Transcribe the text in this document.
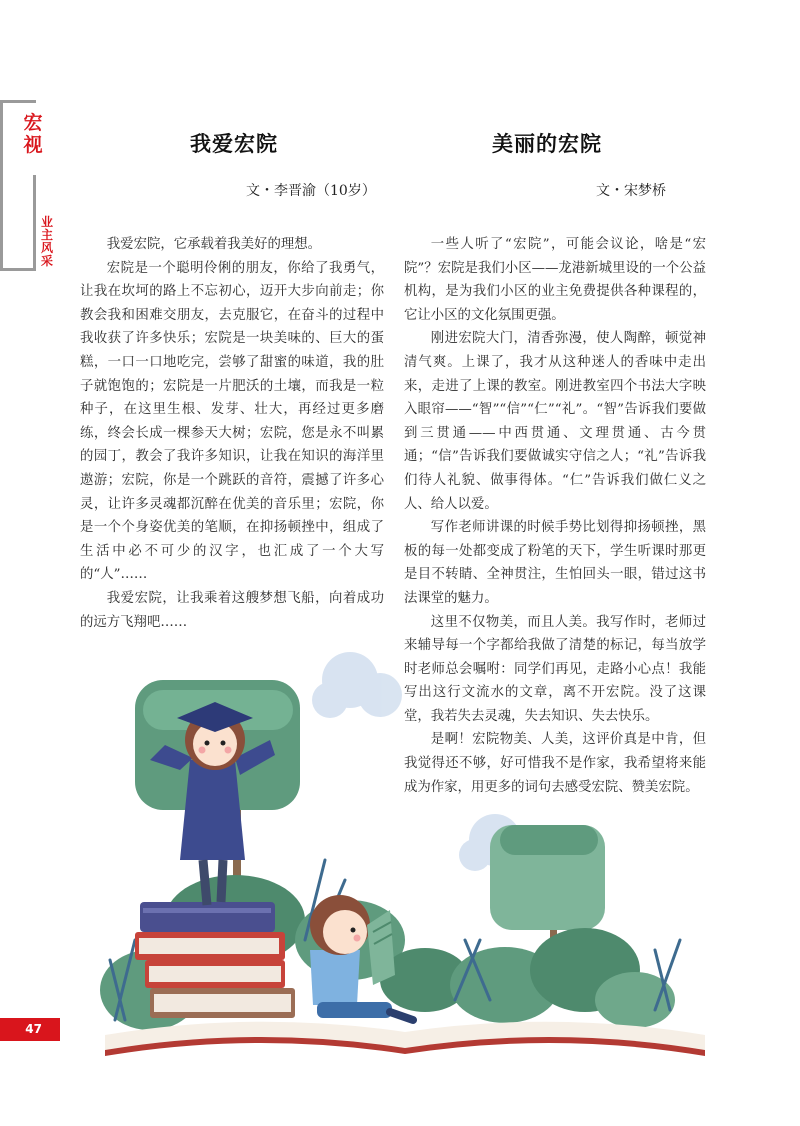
宏视
业主风采
我爱宏院
文・李晋渝（10岁）

我爱宏院，它承载着我美好的理想。

宏院是一个聪明伶俐的朋友，你给了我勇气，让我在坎坷的路上不忘初心，迈开大步向前走；你教会我和困难交朋友，去克服它，在奋斗的过程中我收获了许多快乐；宏院是一块美味的、巨大的蛋糕，一口一口地吃完，尝够了甜蜜的味道，我的肚子就饱饱的；宏院是一片肥沃的土壤，而我是一粒种子，在这里生根、发芽、壮大，再经过更多磨练，终会长成一棵参天大树；宏院，您是永不叫累的园丁，教会了我许多知识，让我在知识的海洋里遨游；宏院，你是一个跳跃的音符，震撼了许多心灵，让许多灵魂都沉醉在优美的音乐里；宏院，你是一个个身姿优美的笔顺，在抑扬顿挫中，组成了生活中必不可少的汉字，也汇成了一个大写的“人”……

我爱宏院，让我乘着这艘梦想飞船，向着成功的远方飞翔吧……

美丽的宏院
文・宋梦桥

一些人听了“宏院”，可能会议论，啥是“宏院”？宏院是我们小区——龙港新城里设的一个公益机构，是为我们小区的业主免费提供各种课程的，它让小区的文化氛围更强。

刚进宏院大门，清香弥漫，使人陶醉，顿觉神清气爽。上课了，我才从这种迷人的香味中走出来，走进了上课的教室。刚进教室四个书法大字映入眼帘——“智”“信”“仁”“礼”。“智”告诉我们要做到三贯通——中西贯通、文理贯通、古今贯通；“信”告诉我们要做诚实守信之人；“礼”告诉我们待人礼貌、做事得体。“仁”告诉我们做仁义之人、给人以爱。

写作老师讲课的时候手势比划得抑扬顿挫，黑板的每一处都变成了粉笔的天下，学生听课时那更是目不转睛、全神贯注，生怕回头一眼，错过这书法课堂的魅力。

这里不仅物美，而且人美。我写作时，老师过来辅导每一个字都给我做了清楚的标记，每当放学时老师总会嘱咐：同学们再见，走路小心点！我能写出这行文流水的文章，离不开宏院。没了这课堂，我若失去灵魂，失去知识、失去快乐。

是啊！宏院物美、人美，这评价真是中肯，但我觉得还不够，好可惜我不是作家，我希望将来能成为作家，用更多的词句去感受宏院、赞美宏院。

47
